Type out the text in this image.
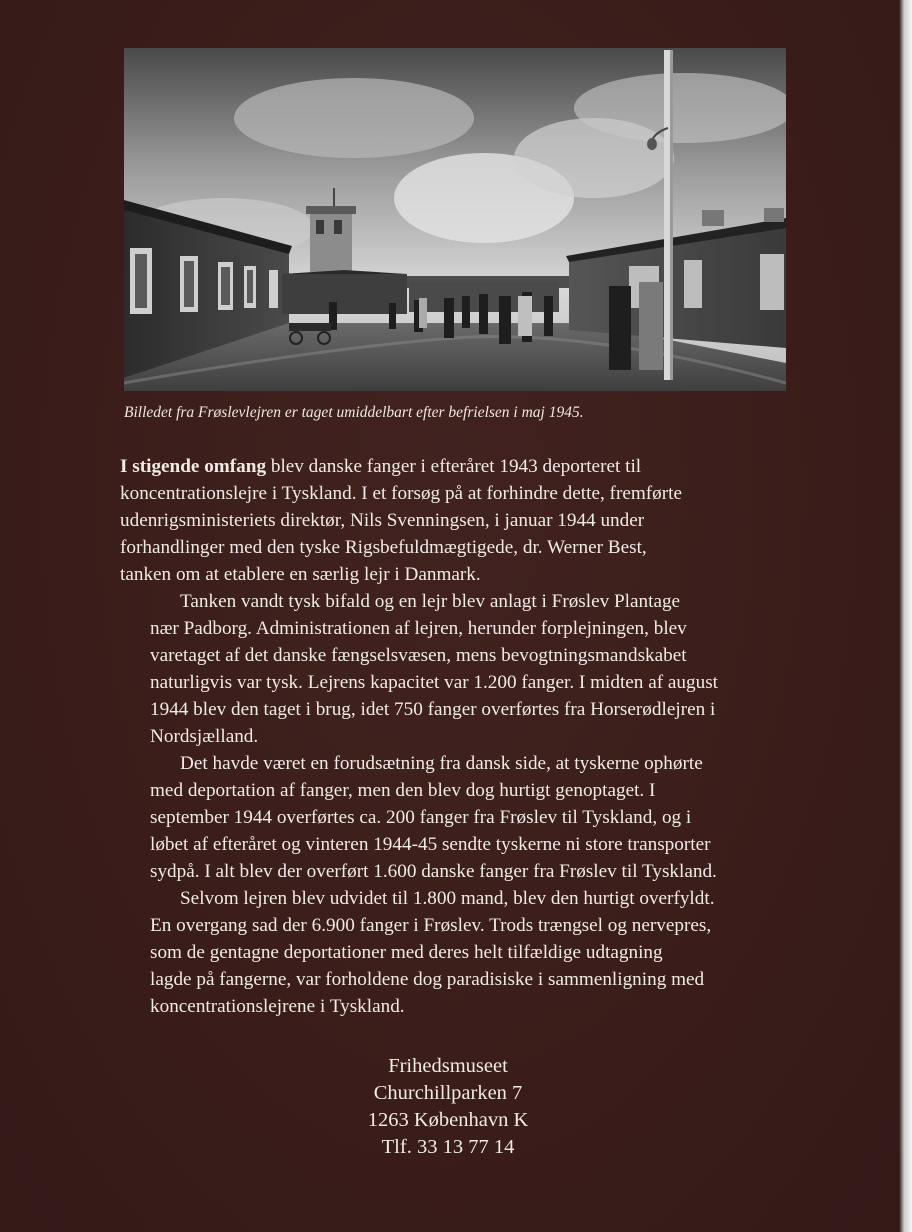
Billedet fra Frøslevlejren er taget umiddelbart efter befrielsen i maj 1945.

I stigende omfang blev danske fanger i efteråret 1943 deporteret til
koncentrationslejre i Tyskland. I et forsøg på at forhindre dette, fremførte
udenrigsministeriets direktør, Nils Svenningsen, i januar 1944 under
forhandlinger med den tyske Rigsbefuldmægtigede, dr. Werner Best,
tanken om at etablere en særlig lejr i Danmark.

Tanken vandt tysk bifald og en lejr blev anlagt i Frøslev Plantage
nær Padborg. Administrationen af lejren, herunder forplejningen, blev
varetaget af det danske fængselsvæsen, mens bevogtningsmandskabet
naturligvis var tysk. Lejrens kapacitet var 1.200 fanger. I midten af august
1944 blev den taget i brug, idet 750 fanger overførtes fra Horserødlejren i
Nordsjælland.

Det havde været en forudsætning fra dansk side, at tyskerne ophørte
med deportation af fanger, men den blev dog hurtigt genoptaget. I
september 1944 overførtes ca. 200 fanger fra Frøslev til Tyskland, og i
løbet af efteråret og vinteren 1944-45 sendte tyskerne ni store transporter
sydpå. I alt blev der overført 1.600 danske fanger fra Frøslev til Tyskland.

Selvom lejren blev udvidet til 1.800 mand, blev den hurtigt overfyldt.
En overgang sad der 6.900 fanger i Frøslev. Trods trængsel og nervepres,
som de gentagne deportationer med deres helt tilfældige udtagning
lagde på fangerne, var forholdene dog paradisiske i sammenligning med
koncentrationslejrene i Tyskland.

Frihedsmuseet
Churchillparken 7
1263 København K
Tlf. 33 13 77 14
